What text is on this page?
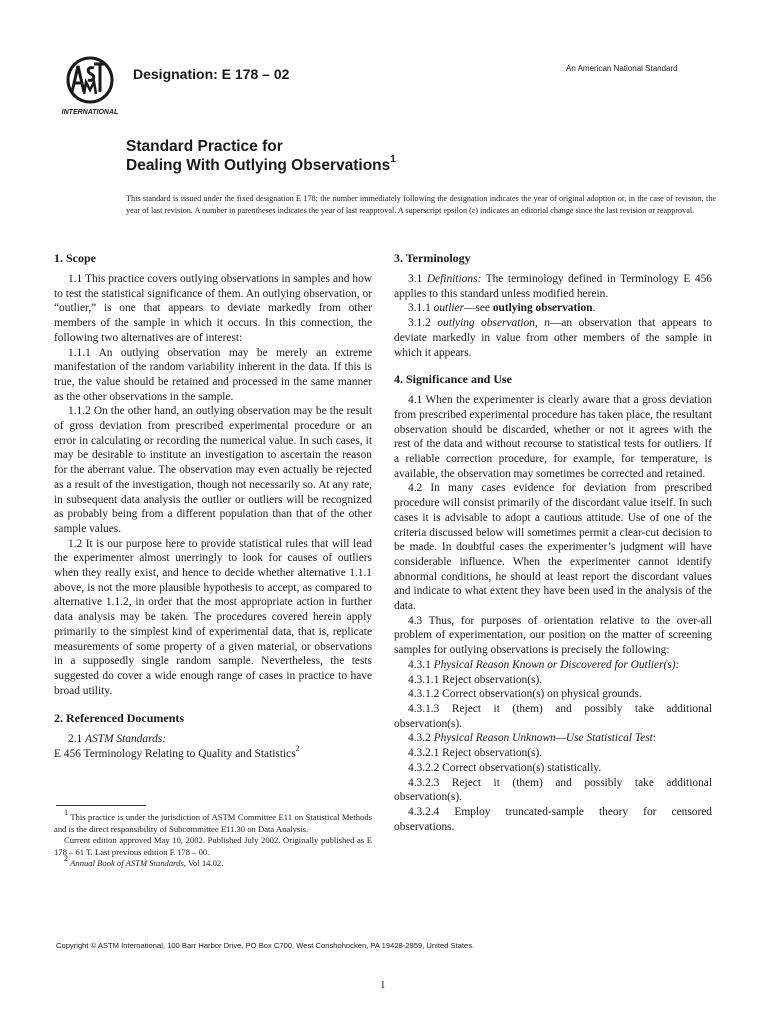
INTERNATIONAL
Designation: E 178 – 02	An American National Standard
Standard Practice for
Dealing With Outlying Observations$^1$
This standard is issued under the fixed designation E 178; the number immediately following the designation indicates the year of original adoption or, in the case of revision, the year of last revision. A number in parentheses indicates the year of last reapproval. A superscript epsilon (ε) indicates an editorial change since the last revision or reapproval.
1. Scope

1.1 This practice covers outlying observations in samples and how to test the statistical significance of them. An outlying observation, or “outlier,” is one that appears to deviate markedly from other members of the sample in which it occurs. In this connection, the following two alternatives are of interest:

1.1.1 An outlying observation may be merely an extreme manifestation of the random variability inherent in the data. If this is true, the value should be retained and processed in the same manner as the other observations in the sample.

1.1.2 On the other hand, an outlying observation may be the result of gross deviation from prescribed experimental procedure or an error in calculating or recording the numerical value. In such cases, it may be desirable to institute an investigation to ascertain the reason for the aberrant value. The observation may even actually be rejected as a result of the investigation, though not necessarily so. At any rate, in subsequent data analysis the outlier or outliers will be recognized as probably being from a different population than that of the other sample values.

1.2 It is our purpose here to provide statistical rules that will lead the experimenter almost unerringly to look for causes of outliers when they really exist, and hence to decide whether alternative 1.1.1 above, is not the more plausible hypothesis to accept, as compared to alternative 1.1.2, in order that the most appropriate action in further data analysis may be taken. The procedures covered herein apply primarily to the simplest kind of experimental data, that is, replicate measurements of some property of a given material, or observations in a supposedly single random sample. Nevertheless, the tests suggested do cover a wide enough range of cases in practice to have broad utility.

2. Referenced Documents

2.1 ASTM Standards:

E 456 Terminology Relating to Quality and Statistics$^2$

3. Terminology

3.1 Definitions: The terminology defined in Terminology E 456 applies to this standard unless modified herein.

3.1.1 outlier—see outlying observation.

3.1.2 outlying observation, n—an observation that appears to deviate markedly in value from other members of the sample in which it appears.

4. Significance and Use

4.1 When the experimenter is clearly aware that a gross deviation from prescribed experimental procedure has taken place, the resultant observation should be discarded, whether or not it agrees with the rest of the data and without recourse to statistical tests for outliers. If a reliable correction procedure, for example, for temperature, is available, the observation may sometimes be corrected and retained.

4.2 In many cases evidence for deviation from prescribed procedure will consist primarily of the discordant value itself. In such cases it is advisable to adopt a cautious attitude. Use of one of the criteria discussed below will sometimes permit a clear-cut decision to be made. In doubtful cases the experimenter’s judgment will have considerable influence. When the experimenter cannot identify abnormal conditions, he should at least report the discordant values and indicate to what extent they have been used in the analysis of the data.

4.3 Thus, for purposes of orientation relative to the over-all problem of experimentation, our position on the matter of screening samples for outlying observations is precisely the following:

4.3.1 Physical Reason Known or Discovered for Outlier(s):

4.3.1.1 Reject observation(s).

4.3.1.2 Correct observation(s) on physical grounds.

4.3.1.3 Reject it (them) and possibly take additional observation(s).

4.3.2 Physical Reason Unknown—Use Statistical Test:

4.3.2.1 Reject observation(s).

4.3.2.2 Correct observation(s) statistically.

4.3.2.3 Reject it (them) and possibly take additional observation(s).

4.3.2.4 Employ truncated-sample theory for censored observations.

$^1$ This practice is under the jurisdiction of ASTM Committee E11 on Statistical Methods and is the direct responsibility of Subcommittee E11.30 on Data Analysis.

Current edition approved May 10, 2002. Published July 2002. Originally published as E 178 – 61 T. Last previous edition E 178 – 00.

$^2$ Annual Book of ASTM Standards, Vol 14.02.

Copyright © ASTM International, 100 Barr Harbor Drive, PO Box C700, West Conshohocken, PA 19428-2959, United States.
1
